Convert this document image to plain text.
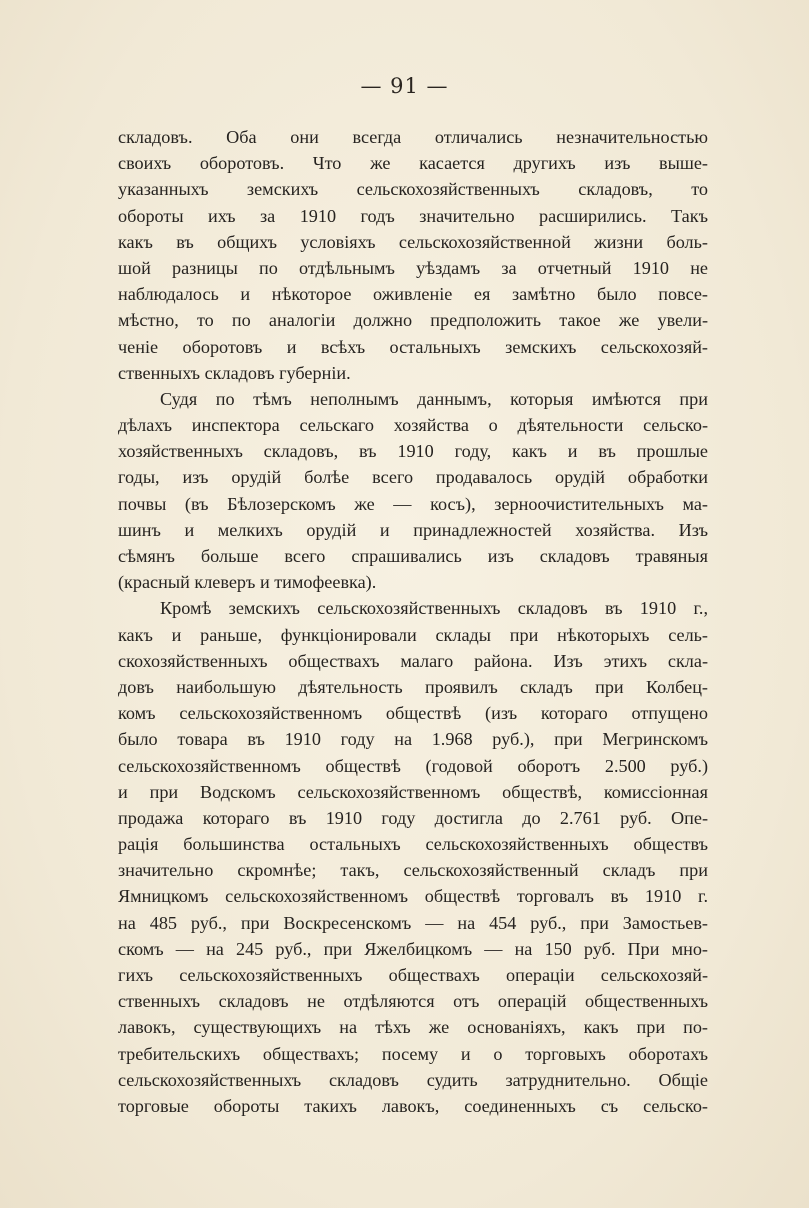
— 91 —
складовъ. Оба они всегда отличались незначительностью
своихъ оборотовъ. Что же касается другихъ изъ выше-
указанныхъ земскихъ сельскохозяйственныхъ складовъ, то
обороты ихъ за 1910 годъ значительно расширились. Такъ
какъ въ общихъ условiяхъ сельскохозяйственной жизни боль-
шой разницы по отдѣльнымъ уѣздамъ за отчетный 1910 не
наблюдалось и нѣкоторое оживленiе ея замѣтно было повсе-
мѣстно, то по аналогiи должно предположить такое же увели-
ченiе оборотовъ и всѣхъ остальныхъ земскихъ сельскохозяй-
ственныхъ складовъ губернiи.
Судя по тѣмъ неполнымъ даннымъ, которыя имѣются при
дѣлахъ инспектора сельскаго хозяйства о дѣятельности сельско-
хозяйственныхъ складовъ, въ 1910 году, какъ и въ прошлые
годы, изъ орудiй болѣе всего продавалось орудiй обработки
почвы (въ Бѣлозерскомъ же — косъ), зерноочистительныхъ ма-
шинъ и мелкихъ орудiй и принадлежностей хозяйства. Изъ
сѣмянъ больше всего спрашивались изъ складовъ травяныя
(красный клеверъ и тимофеевка).
Кромѣ земскихъ сельскохозяйственныхъ складовъ въ 1910 г.,
какъ и раньше, функцiонировали склады при нѣкоторыхъ сель-
скохозяйственныхъ обществахъ малаго района. Изъ этихъ скла-
довъ наибольшую дѣятельность проявилъ складъ при Колбец-
комъ сельскохозяйственномъ обществѣ (изъ котораго отпущено
было товара въ 1910 году на 1.968 руб.), при Мегринскомъ
сельскохозяйственномъ обществѣ (годовой оборотъ 2.500 руб.)
и при Водскомъ сельскохозяйственномъ обществѣ, комиссiонная
продажа котораго въ 1910 году достигла до 2.761 руб. Опе-
рацiя большинства остальныхъ сельскохозяйственныхъ обществъ
значительно скромнѣе; такъ, сельскохозяйственный складъ при
Ямницкомъ сельскохозяйственномъ обществѣ торговалъ въ 1910 г.
на 485 руб., при Воскресенскомъ — на 454 руб., при Замостьев-
скомъ — на 245 руб., при Яжелбицкомъ — на 150 руб. При мно-
гихъ сельскохозяйственныхъ обществахъ операцiи сельскохозяй-
ственныхъ складовъ не отдѣляются отъ операцiй общественныхъ
лавокъ, существующихъ на тѣхъ же основанiяхъ, какъ при по-
требительскихъ обществахъ; посему и о торговыхъ оборотахъ
сельскохозяйственныхъ складовъ судить затруднительно. Общiе
торговые обороты такихъ лавокъ, соединенныхъ съ сельско-
